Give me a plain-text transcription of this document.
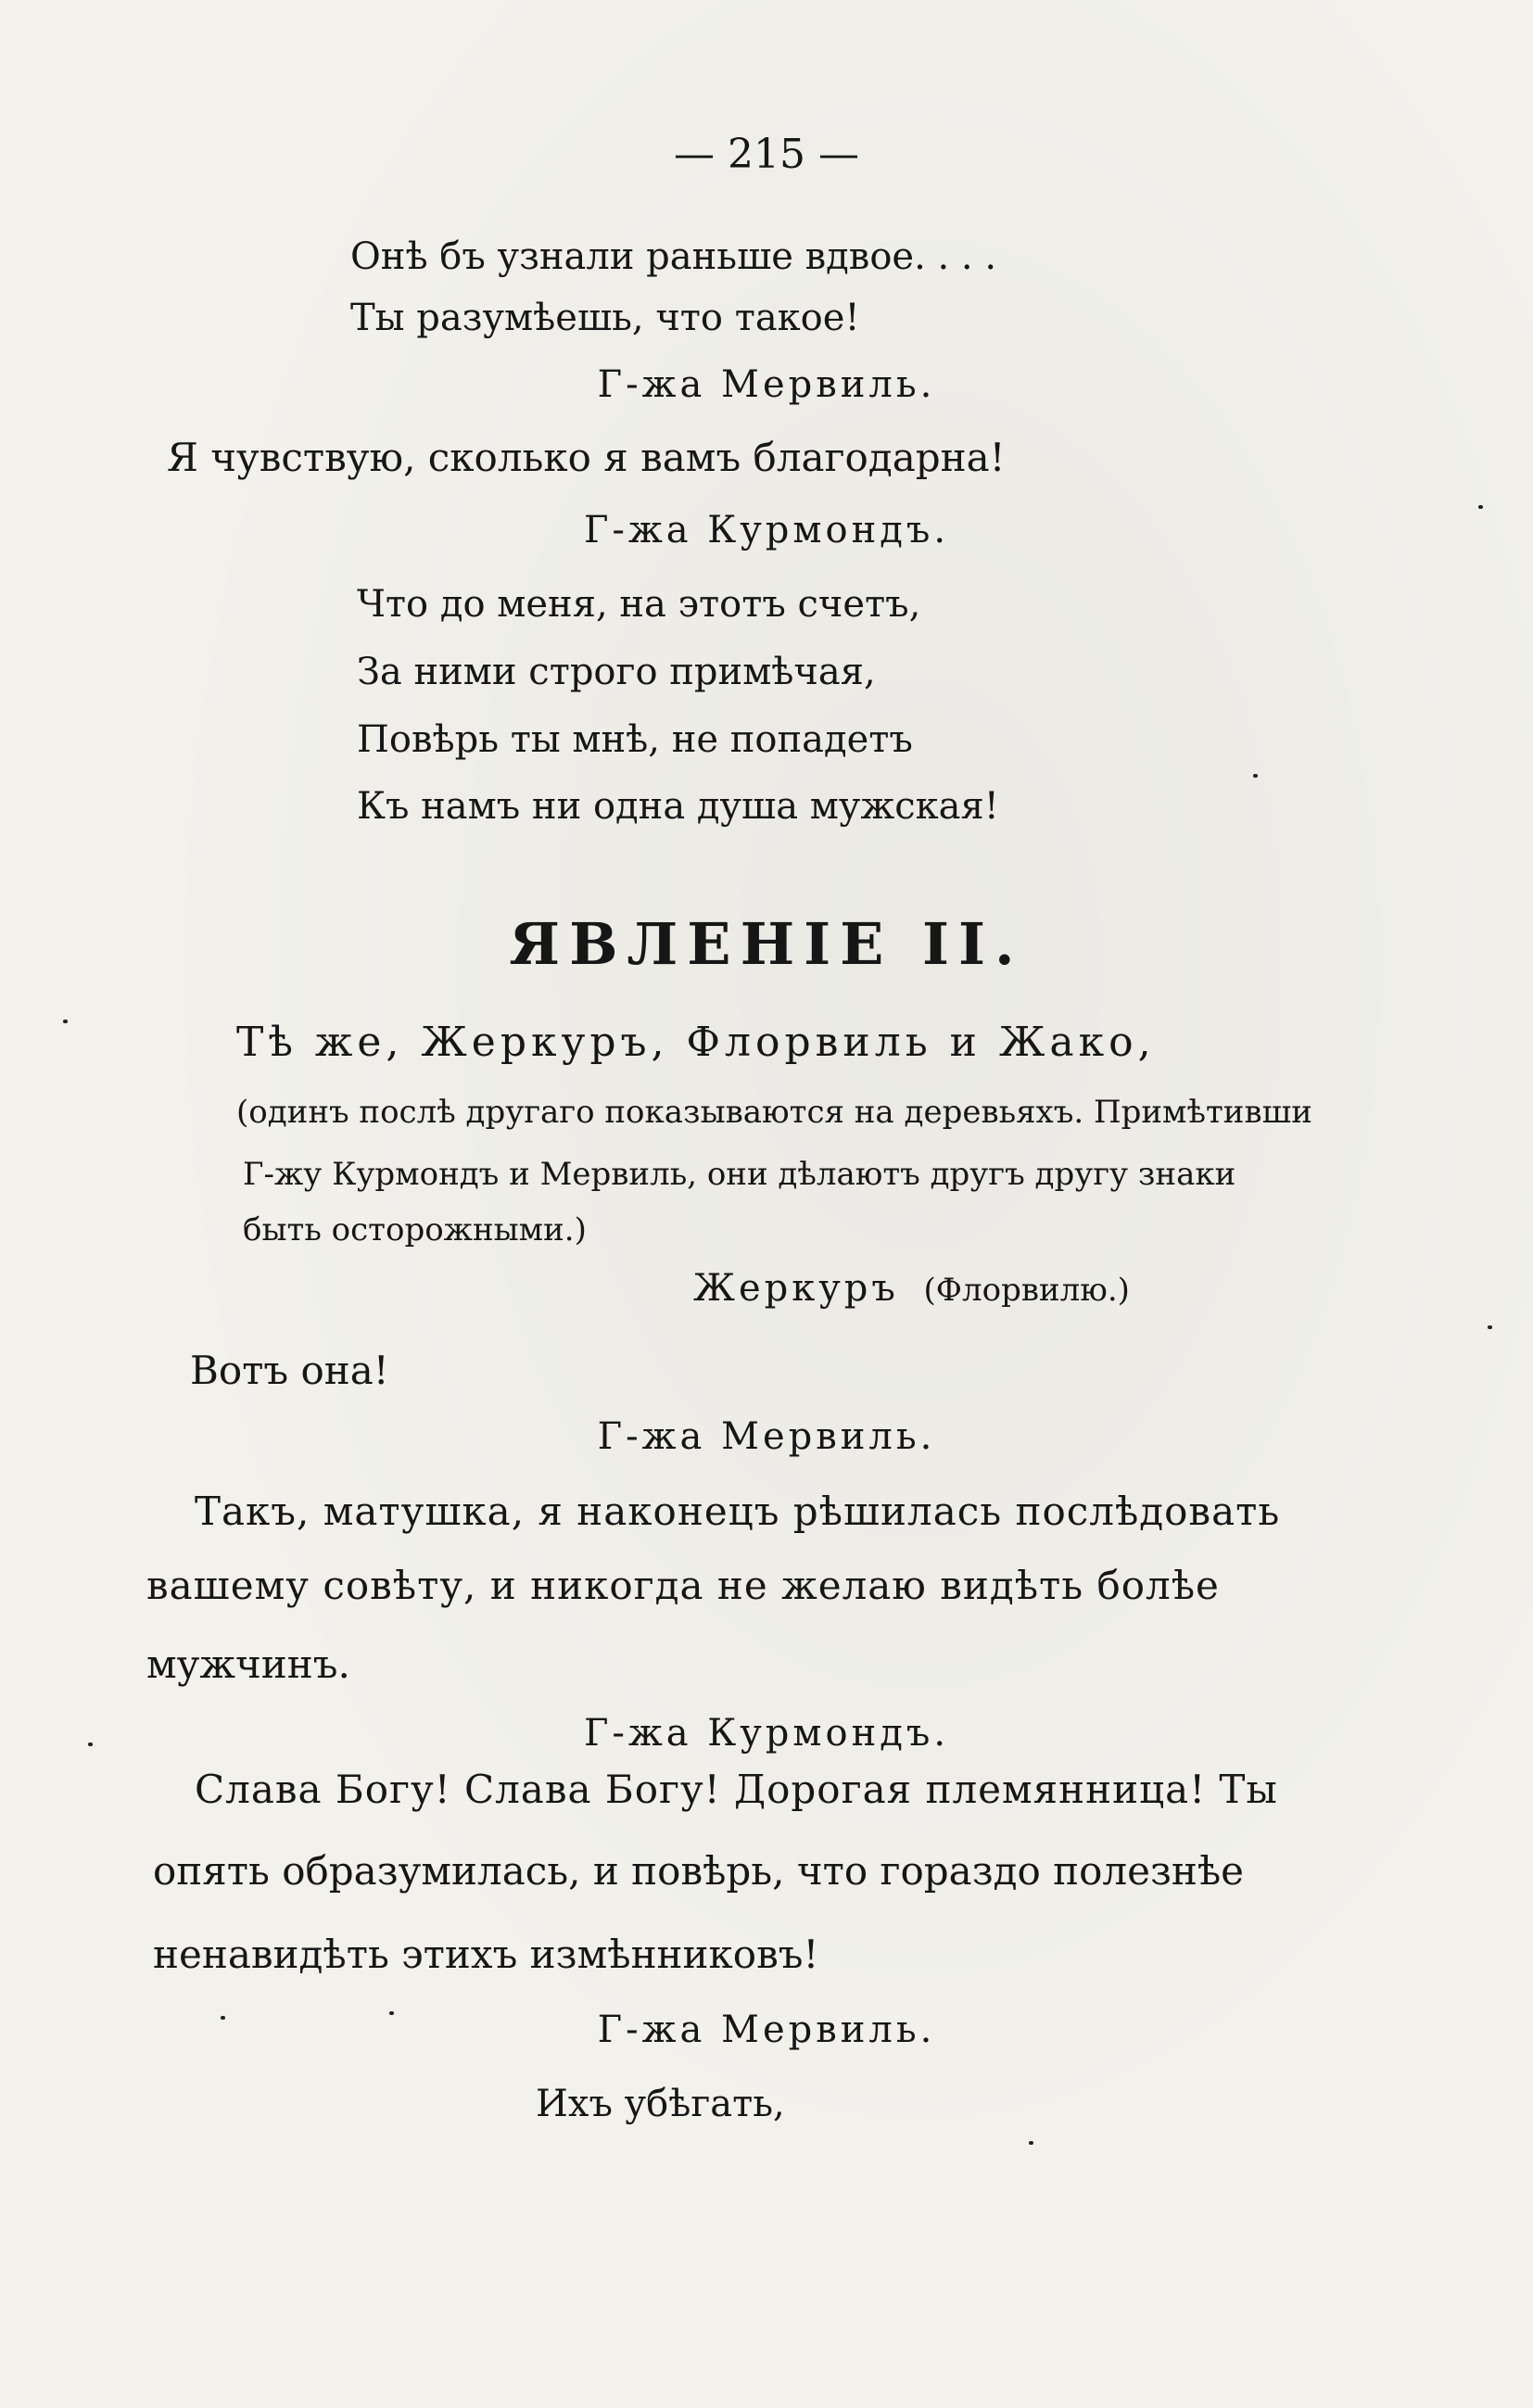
— 215 —
Онѣ бъ узнали раньше вдвое. . . .
Ты разумѣешь, что такое!
Г-жа Мервиль.
Я чувствую, сколько я вамъ благодарна!
Г-жа Курмондъ.
Что до меня, на этотъ счетъ,
За ними строго примѣчая,
Повѣрь ты мнѣ, не попадетъ
Къ намъ ни одна душа мужская!
ЯВЛЕНIЕ II.
Тѣ же, Жеркуръ, Флорвиль и Жако,
(одинъ послѣ другаго показываются на деревьяхъ. Примѣтивши
Г-жу Курмондъ и Мервиль, они дѣлаютъ другъ другу знаки
быть осторожными.)
Жеркуръ (Флорвилю.)
Вотъ она!
Г-жа Мервиль.
Такъ, матушка, я наконецъ рѣшилась послѣдовать
вашему совѣту, и никогда не желаю видѣть болѣе
мужчинъ.
Г-жа Курмондъ.
Слава Богу! Слава Богу! Дорогая племянница! Ты
опять образумилась, и повѣрь, что гораздо полезнѣе
ненавидѣть этихъ измѣнниковъ!
Г-жа Мервиль.
Ихъ убѣгать,
